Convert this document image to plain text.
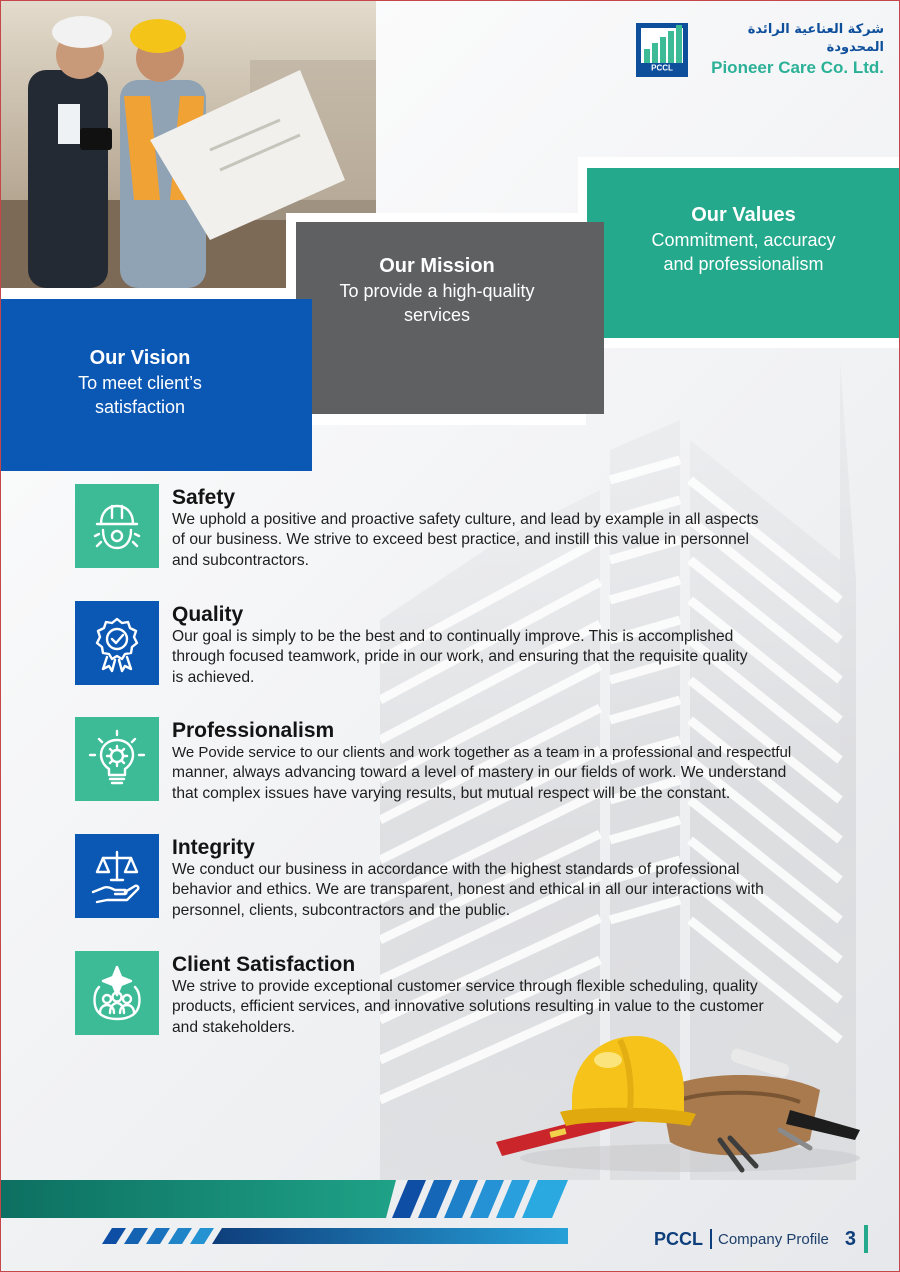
PCCL
شركة العناعية الرائدة المحدودة
Pioneer Care Co. Ltd.
Our Values
Commitment, accuracy
and professionalism
Our Mission
To provide a high-quality
services
Our Vision
To meet client’s
satisfaction
Safety
We uphold a positive and proactive safety culture, and lead by example in all aspects
of our business. We strive to exceed best practice, and instill this value in personnel
and subcontractors.
Quality
Our goal is simply to be the best and to continually improve. This is accomplished
through focused teamwork, pride in our work, and ensuring that the requisite quality
is achieved.
Professionalism
We Povide service to our clients and work together as a team in a professional and respectful
manner, always advancing toward a level of mastery in our fields of work. We understand
that complex issues have varying results, but mutual respect will be the constant.
Integrity
We conduct our business in accordance with the highest standards of professional
behavior and ethics. We are transparent, honest and ethical in all our interactions with
personnel, clients, subcontractors and the public.
Client Satisfaction
We strive to provide exceptional customer service through flexible scheduling, quality
products, efficient services, and innovative solutions resulting in value to the customer
and stakeholders.
PCCL Company Profile 3
